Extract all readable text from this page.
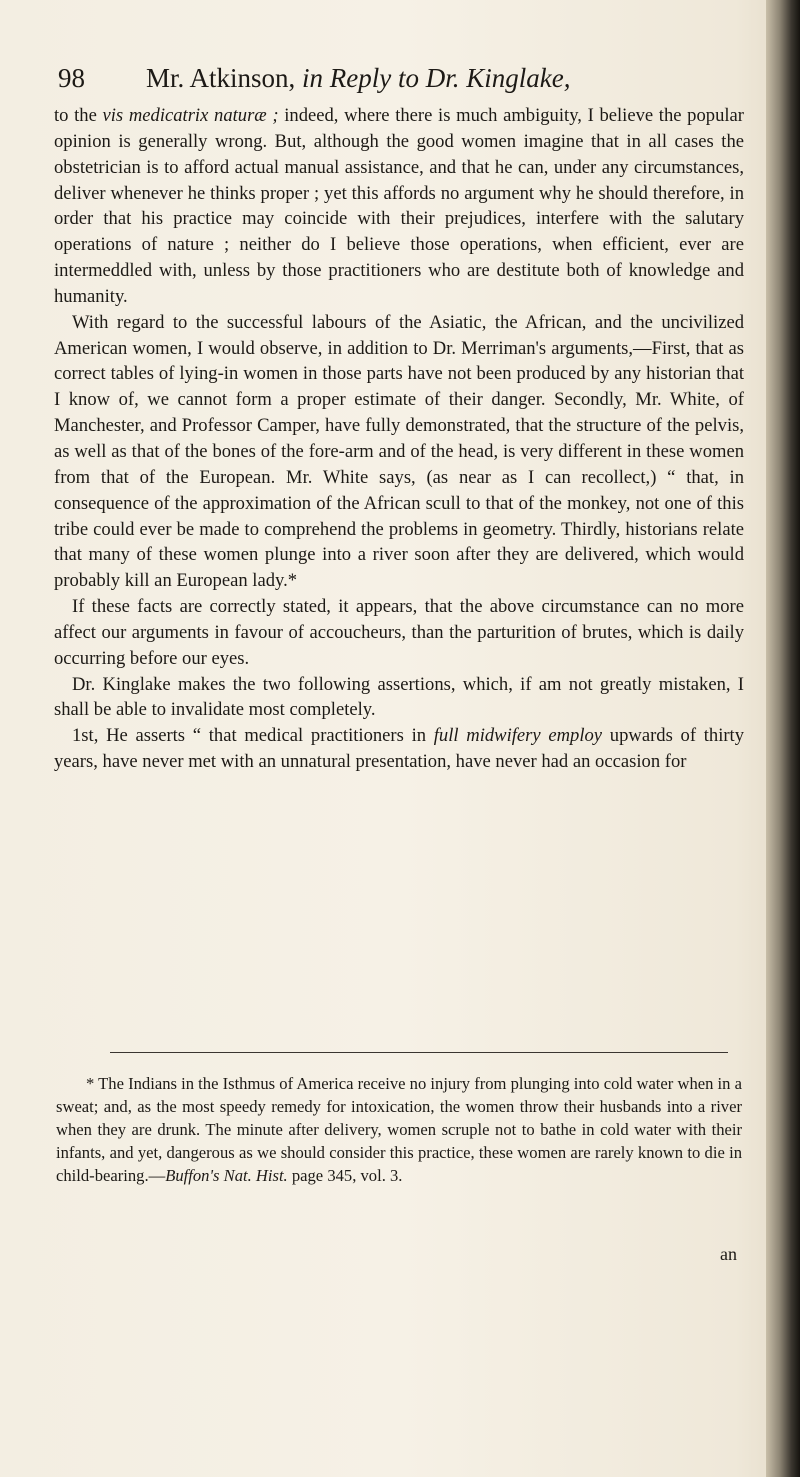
98 Mr. Atkinson, in Reply to Dr. Kinglake,

to the vis medicatrix naturæ ; indeed, where there is much ambiguity, I believe the popular opinion is generally wrong. But, although the good women imagine that in all cases the obstetrician is to afford actual manual assistance, and that he can, under any circumstances, deliver whenever he thinks proper ; yet this affords no argument why he should therefore, in order that his practice may coincide with their prejudices, interfere with the salutary operations of nature ; neither do I believe those operations, when efficient, ever are intermeddled with, unless by those practitioners who are destitute both of knowledge and humanity.

With regard to the successful labours of the Asiatic, the African, and the uncivilized American women, I would observe, in addition to Dr. Merriman's arguments,—First, that as correct tables of lying-in women in those parts have not been produced by any historian that I know of, we cannot form a proper estimate of their danger. Secondly, Mr. White, of Manchester, and Professor Camper, have fully demonstrated, that the structure of the pelvis, as well as that of the bones of the fore-arm and of the head, is very different in these women from that of the European. Mr. White says, (as near as I can recollect,) “ that, in consequence of the approximation of the African scull to that of the monkey, not one of this tribe could ever be made to comprehend the problems in geometry. Thirdly, historians relate that many of these women plunge into a river soon after they are delivered, which would probably kill an European lady.*

If these facts are correctly stated, it appears, that the above circumstance can no more affect our arguments in favour of accoucheurs, than the parturition of brutes, which is daily occurring before our eyes.

Dr. Kinglake makes the two following assertions, which, if am not greatly mistaken, I shall be able to invalidate most completely.

1st, He asserts “ that medical practitioners in full midwifery employ upwards of thirty years, have never met with an unnatural presentation, have never had an occasion for

* The Indians in the Isthmus of America receive no injury from plunging into cold water when in a sweat; and, as the most speedy remedy for intoxication, the women throw their husbands into a river when they are drunk. The minute after delivery, women scruple not to bathe in cold water with their infants, and yet, dangerous as we should consider this practice, these women are rarely known to die in child-bearing.—Buffon's Nat. Hist. page 345, vol. 3.

an
